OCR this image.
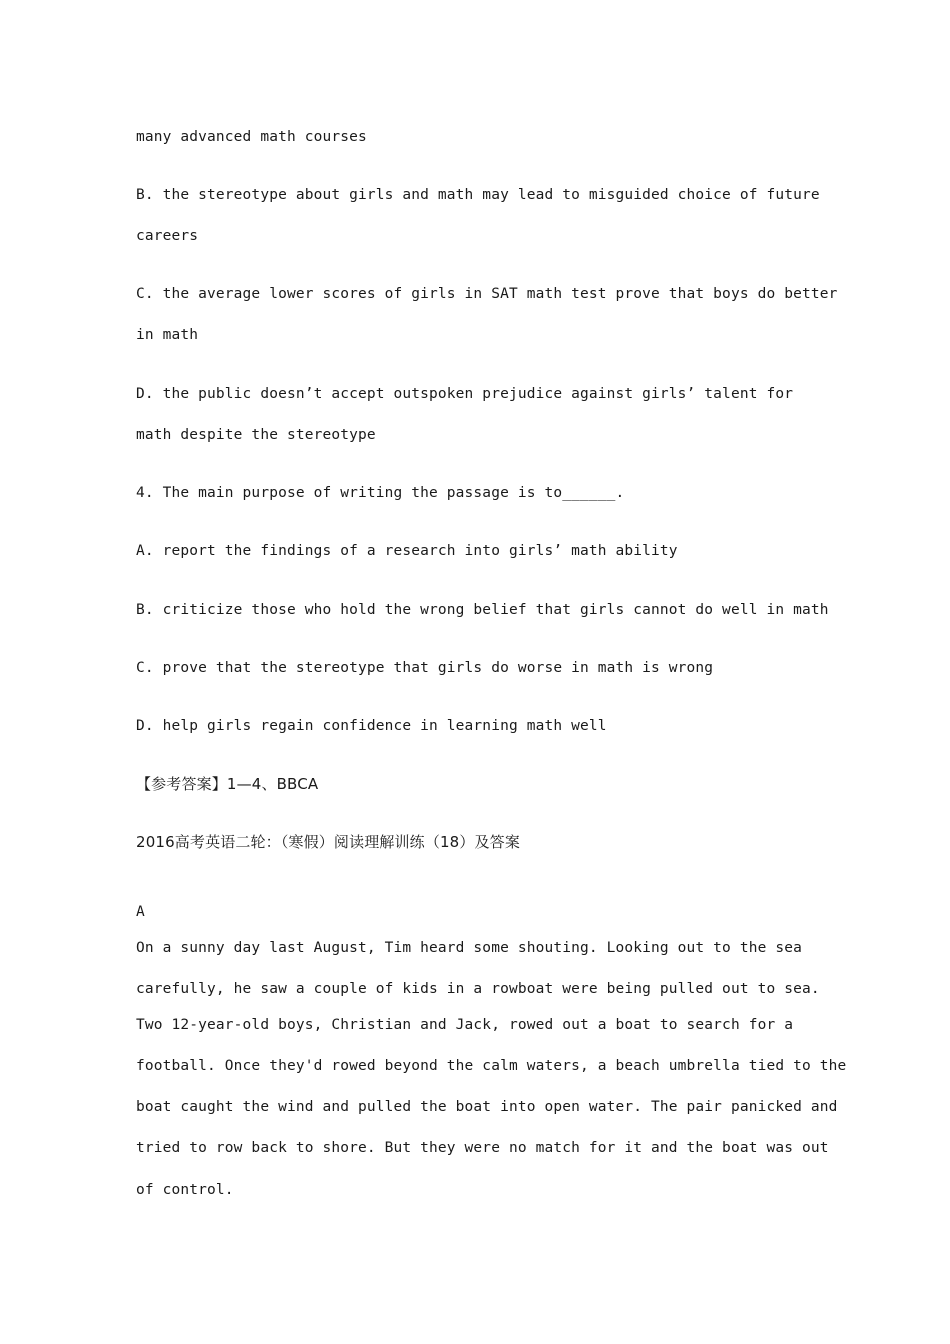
many advanced math courses
B. the stereotype about girls and math may lead to misguided choice of future
careers
C. the average lower scores of girls in SAT math test prove that boys do better
in math
D. the public doesn’t accept outspoken prejudice against girls’ talent for
math despite the stereotype
4. The main purpose of writing the passage is to______.
A. report the findings of a research into girls’ math ability
B. criticize those who hold the wrong belief that girls cannot do well in math
C. prove that the stereotype that girls do worse in math is wrong
D. help girls regain confidence in learning math well
【参考答案】1—4、BBCA
2016高考英语二轮：（寒假）阅读理解训练（18）及答案
A
On a sunny day last August, Tim heard some shouting. Looking out to the sea
carefully, he saw a couple of kids in a rowboat were being pulled out to sea.
Two 12-year-old boys, Christian and Jack, rowed out a boat to search for a
football. Once they'd rowed beyond the calm waters, a beach umbrella tied to the
boat caught the wind and pulled the boat into open water. The pair panicked and
tried to row back to shore. But they were no match for it and the boat was out
of control.
